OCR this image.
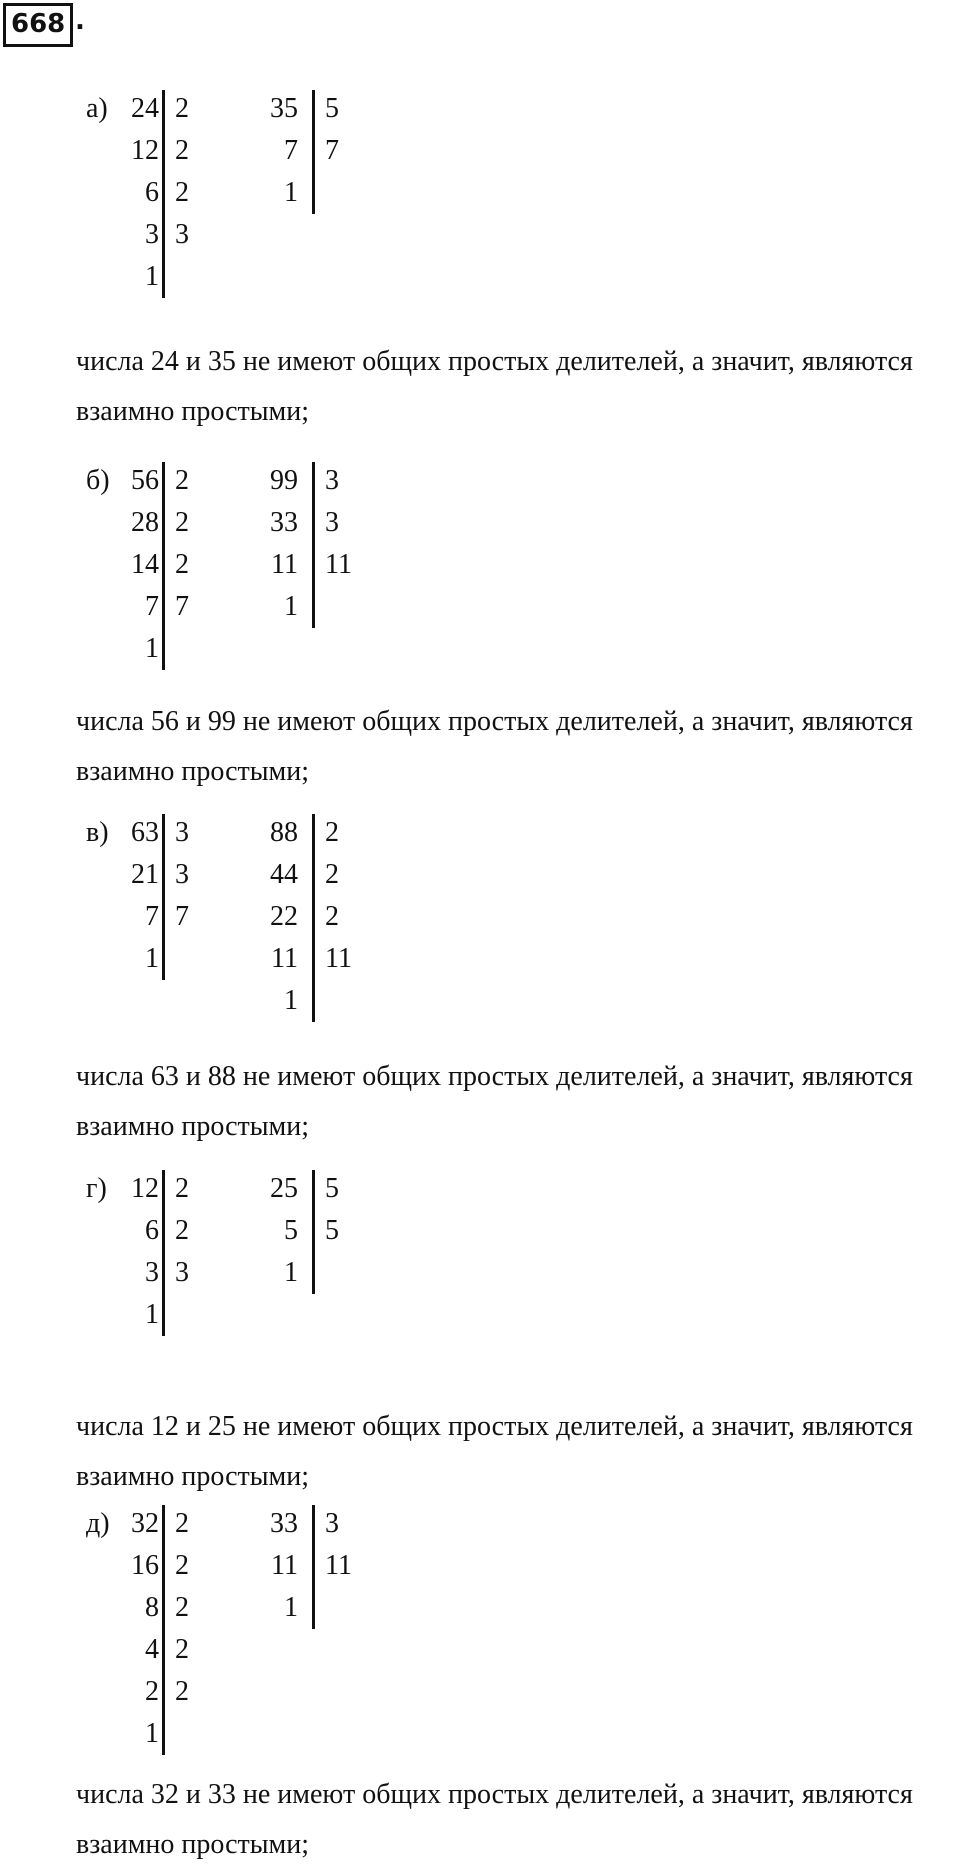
668 .
а) 24
12
6
3
1
2
2
2
3
35
7
1
5
7
числа 24 и 35 не имеют общих простых делителей, а значит, являются
взаимно простыми;
б) 56
28
14
7
1
2
2
2
7
99
33
11
1
3
3
11
числа 56 и 99 не имеют общих простых делителей, а значит, являются
взаимно простыми;
в) 63
21
7
1
3
3
7
88
44
22
11
1
2
2
2
11
числа 63 и 88 не имеют общих простых делителей, а значит, являются
взаимно простыми;
г) 12
6
3
1
2
2
3
25
5
1
5
5
числа 12 и 25 не имеют общих простых делителей, а значит, являются
взаимно простыми;
д) 32
16
8
4
2
1
2
2
2
2
2
33
11
1
3
11
числа 32 и 33 не имеют общих простых делителей, а значит, являются
взаимно простыми;
